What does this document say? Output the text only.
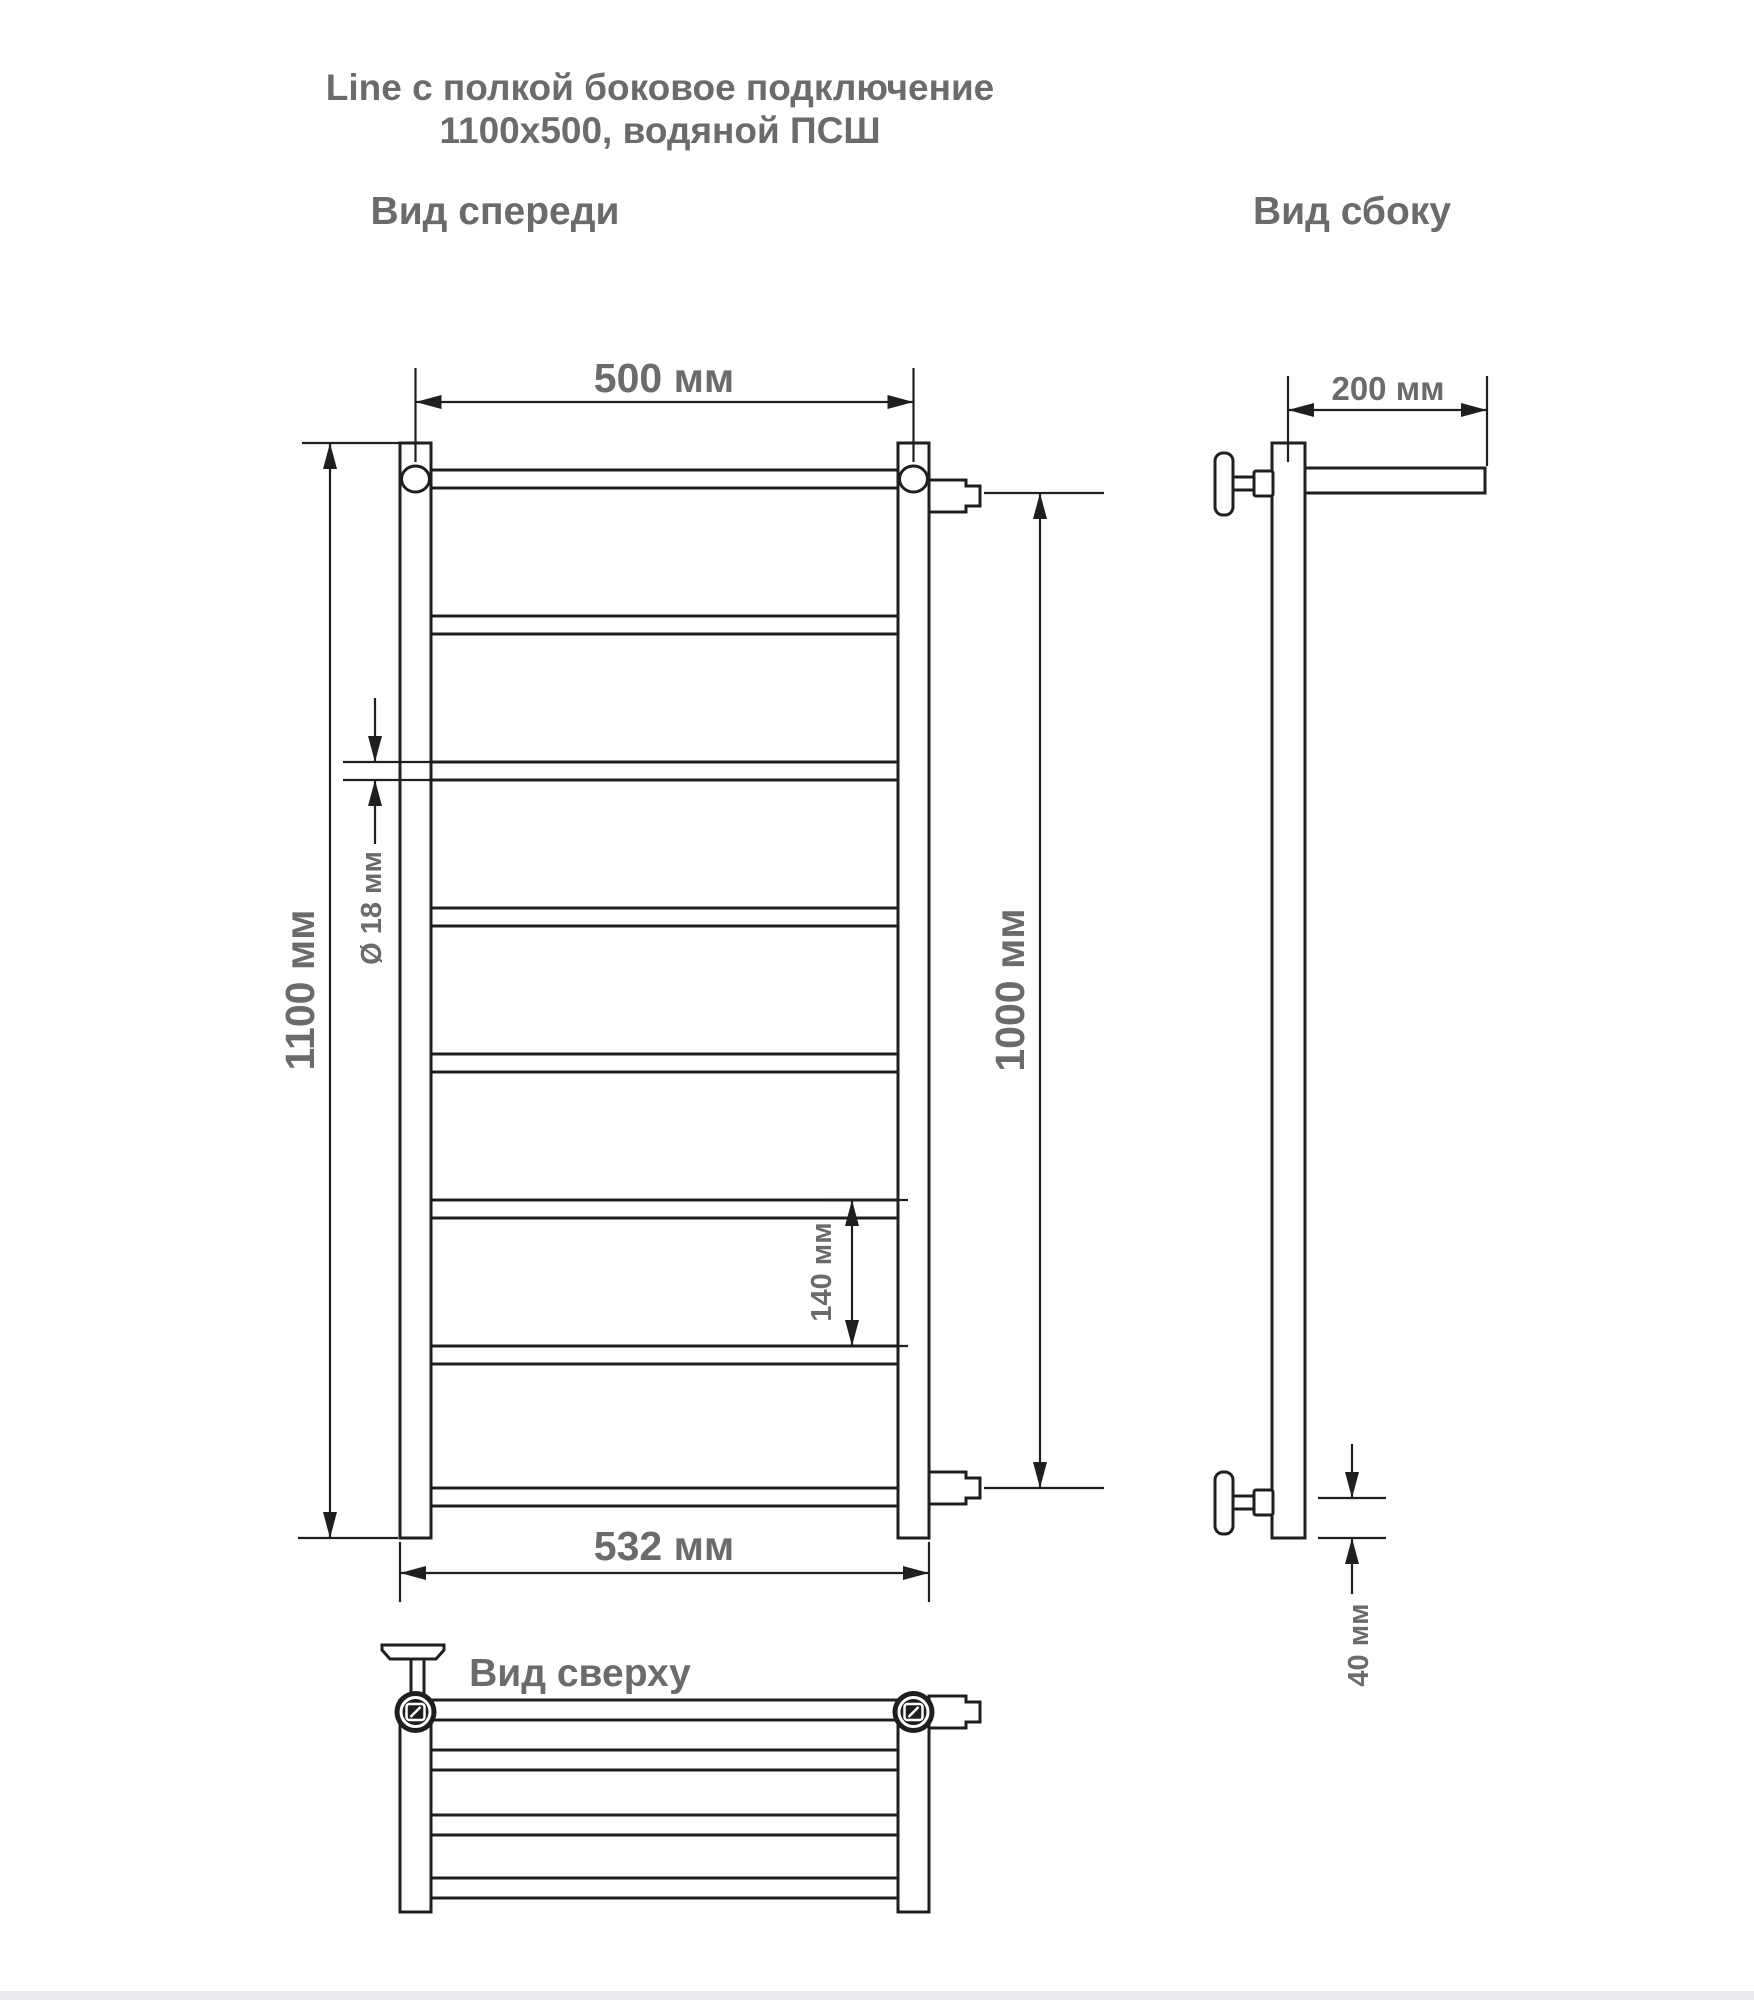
Line с полкой боковое подключение
1100х500, водяной ПСШ
Вид спереди	Вид сбоку
Вид сверху
500 мм
1100 мм	1000 мм
Ø 18 мм
140 мм
532 мм
200 мм
40 мм
